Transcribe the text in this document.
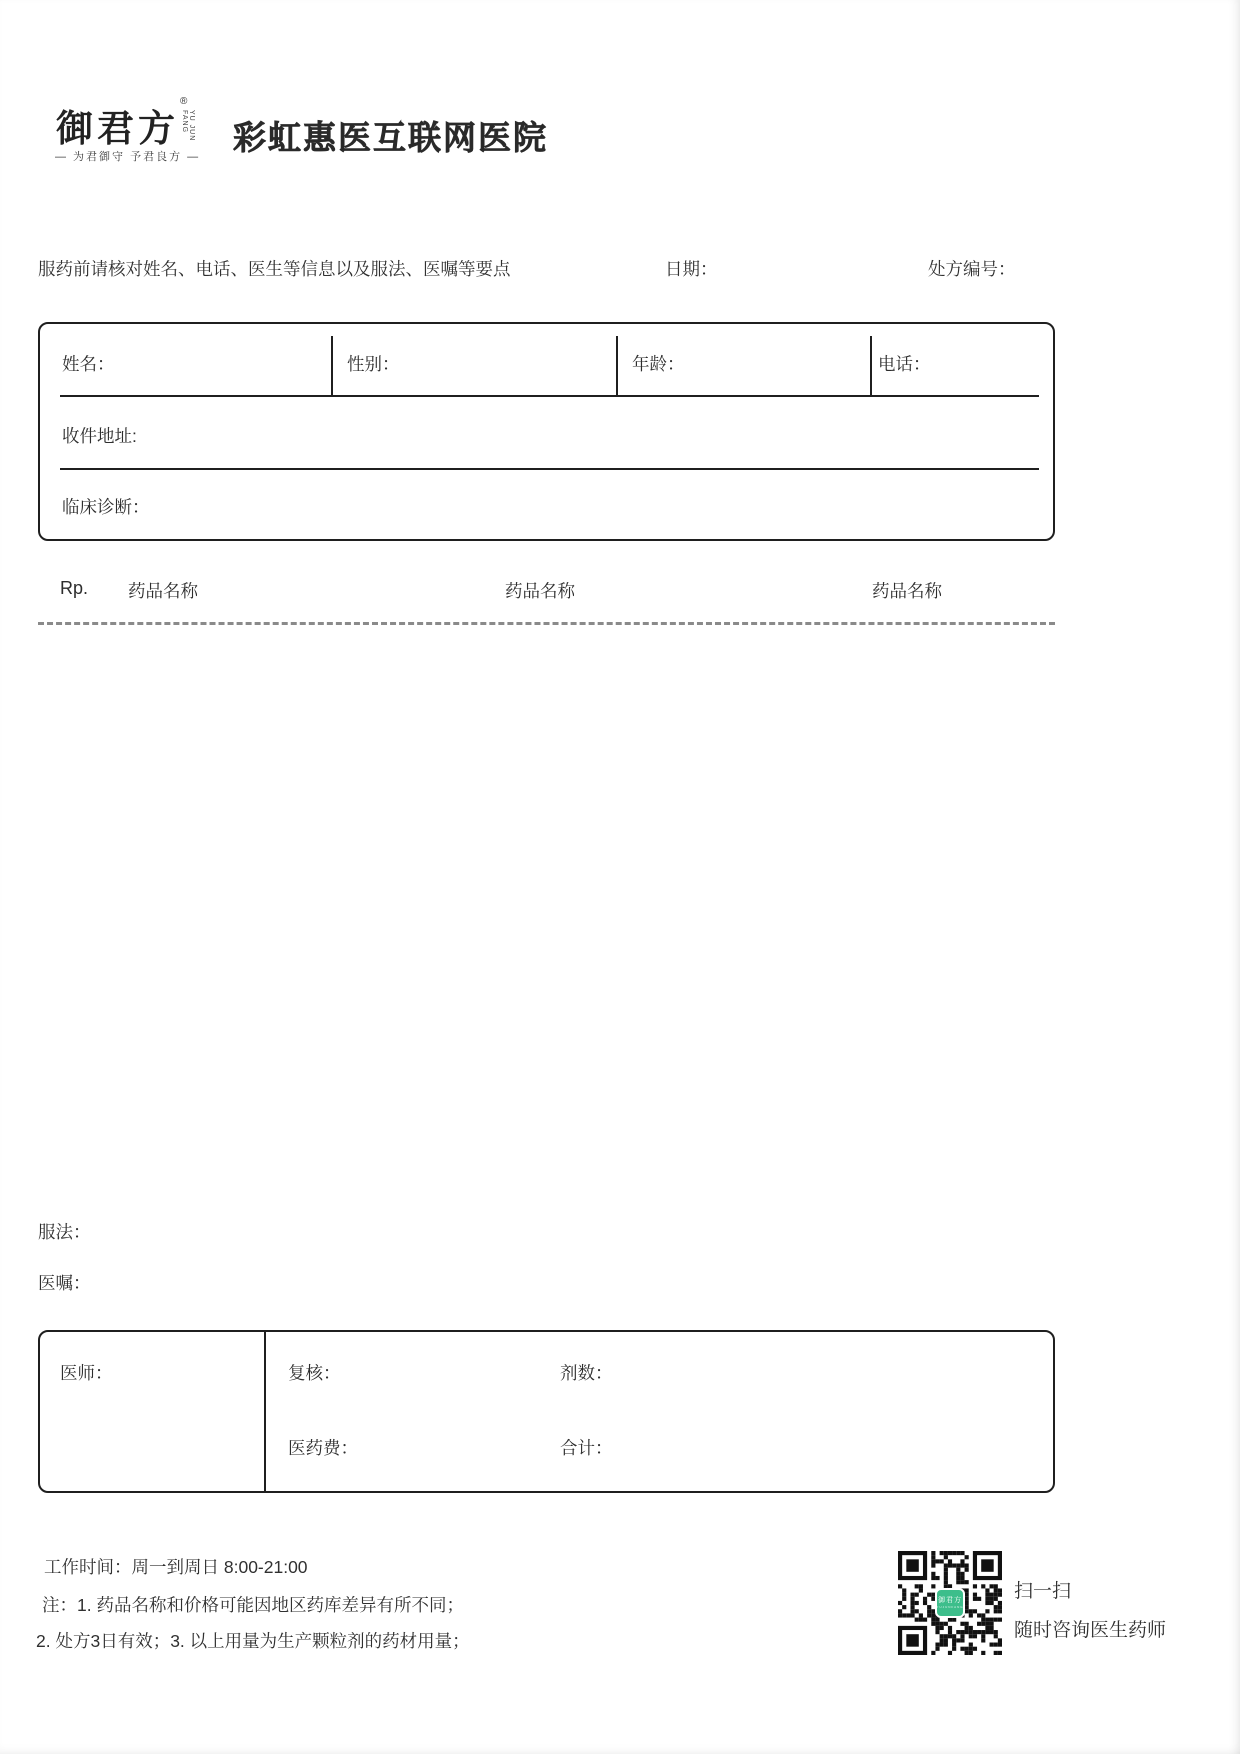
御君方
®
YU JUN FANG
— 为君御守 予君良方 —
彩虹惠医互联网医院
服药前请核对姓名、电话、医生等信息以及服法、医嘱等要点	日期：	处方编号：
姓名：	性别：	年龄：	电话：
收件地址:
临床诊断：
Rp. 药品名称	药品名称	药品名称
服法：
医嘱：
医师：	复核：	剂数：
医药费：	合计：
工作时间：周一到周日 8:00-21:00
注：1. 药品名称和价格可能因地区药库差异有所不同；
2. 处方3日有效；3. 以上用量为生产颗粒剂的药材用量；
御君方
YUJUNFANG
扫一扫
随时咨询医生药师
